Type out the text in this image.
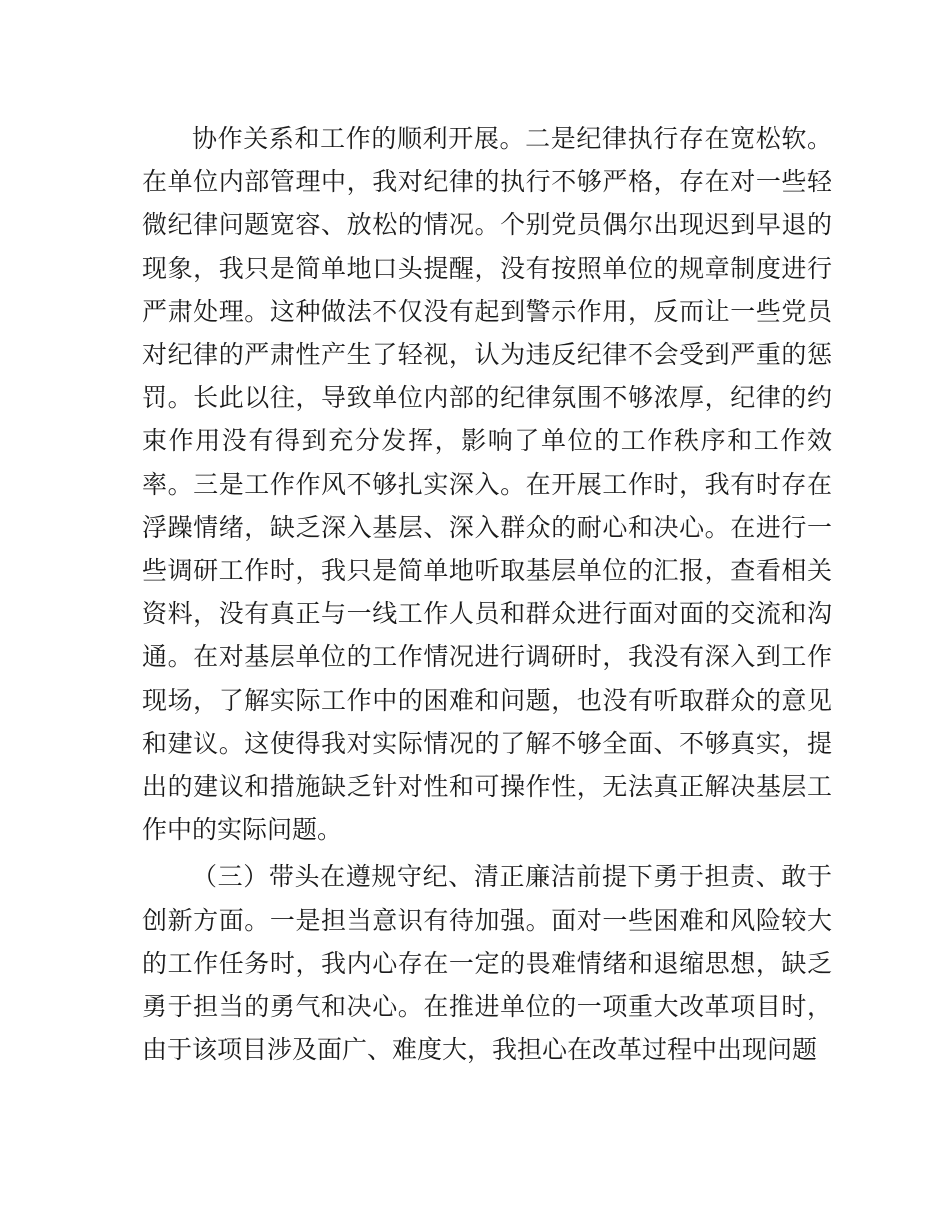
协作关系和工作的顺利开展。二是纪律执行存在宽松软。在单位内部管理中，我对纪律的执行不够严格，存在对一些轻微纪律问题宽容、放松的情况。个别党员偶尔出现迟到早退的现象，我只是简单地口头提醒，没有按照单位的规章制度进行严肃处理。这种做法不仅没有起到警示作用，反而让一些党员对纪律的严肃性产生了轻视，认为违反纪律不会受到严重的惩罚。长此以往，导致单位内部的纪律氛围不够浓厚，纪律的约束作用没有得到充分发挥，影响了单位的工作秩序和工作效率。三是工作作风不够扎实深入。在开展工作时，我有时存在浮躁情绪，缺乏深入基层、深入群众的耐心和决心。在进行一些调研工作时，我只是简单地听取基层单位的汇报，查看相关资料，没有真正与一线工作人员和群众进行面对面的交流和沟通。在对基层单位的工作情况进行调研时，我没有深入到工作现场，了解实际工作中的困难和问题，也没有听取群众的意见和建议。这使得我对实际情况的了解不够全面、不够真实，提出的建议和措施缺乏针对性和可操作性，无法真正解决基层工作中的实际问题。

（三）带头在遵规守纪、清正廉洁前提下勇于担责、敢于创新方面。一是担当意识有待加强。面对一些困难和风险较大的工作任务时，我内心存在一定的畏难情绪和退缩思想，缺乏勇于担当的勇气和决心。在推进单位的一项重大改革项目时，由于该项目涉及面广、难度大，我担心在改革过程中出现问题
